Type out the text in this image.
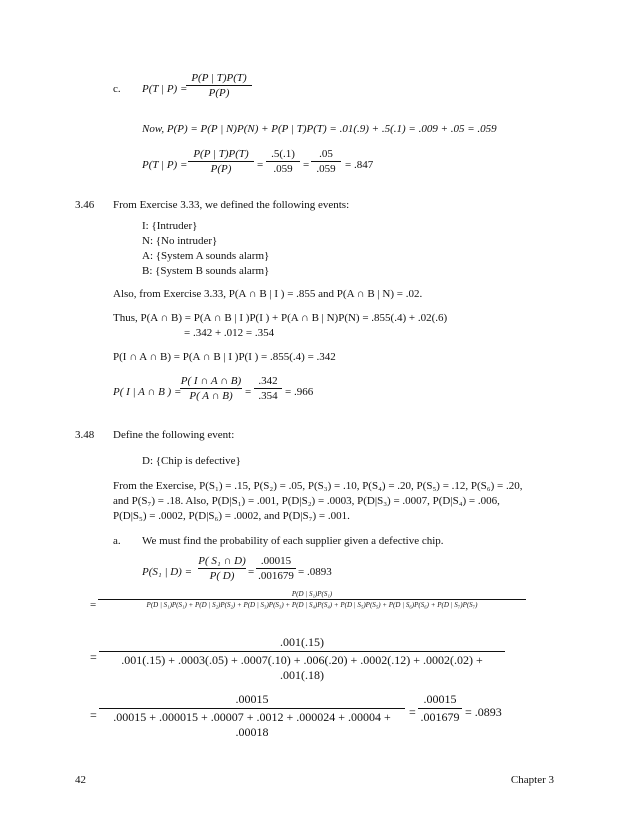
c. P(T | P) =
P(P | T)P(T)
P(P)
Now, P(P) = P(P | N)P(N) + P(P | T)P(T) = .01(.9) + .5(.1) = .009 + .05 = .059
P(T | P) =
P(P | T)P(T)
P(P)	=
.5(.1)
.059 =
.05
.059 = .847
3.46 From Exercise 3.33, we defined the following events:
I: {Intruder}
N: {No intruder}
A: {System A sounds alarm}
B: {System B sounds alarm}
Also, from Exercise 3.33, P(A ∩ B | I ) = .855 and P(A ∩ B | N) = .02.
Thus, P(A ∩ B) = P(A ∩ B | I )P(I ) + P(A ∩ B | N)P(N) = .855(.4) + .02(.6)
= .342 + .012 = .354
P(I ∩ A ∩ B) = P(A ∩ B | I )P(I ) = .855(.4) = .342
P( I | A ∩ B ) =
P( I ∩ A ∩ B)
P( A ∩ B)	=
.342
.354 = .966
3.48 Define the following event:
D: {Chip is defective}
From the Exercise, P(S₁) = .15, P(S₂) = .05, P(S₃) = .10, P(S₄) = .20, P(S₅) = .12, P(S₆) = .20,
and P(S₇) = .18. Also, P(D|S₁) = .001, P(D|S₂) = .0003, P(D|S₃) = .0007, P(D|S₄) = .006,
P(D|S₅) = .0002, P(D|S₆) = .0002, and P(D|S₇) = .001.
a. We must find the probability of each supplier given a defective chip.
P(S₁ | D) =
P( S₁ ∩ D)
P( D)	=
.00015
.001679 = .0893
=
P(D | S₁)P(S₁)
P(D | S₁)P(S₁) + P(D | S₂)P(S₂) + P(D | S₃)P(S₃) + P(D | S₄)P(S₄) + P(D | S₅)P(S₅) + P(D | S₆)P(S₆) + P(D | S₇)P(S₇)
=
.001(.15)
.001(.15) + .0003(.05) + .0007(.10) + .006(.20) + .0002(.12) + .0002(.02) + .001(.18)
=
.00015
.00015 + .000015 + .00007 + .0012 + .000024 + .00004 + .00018
=
.00015
.001679 = .0893
42	Chapter 3
